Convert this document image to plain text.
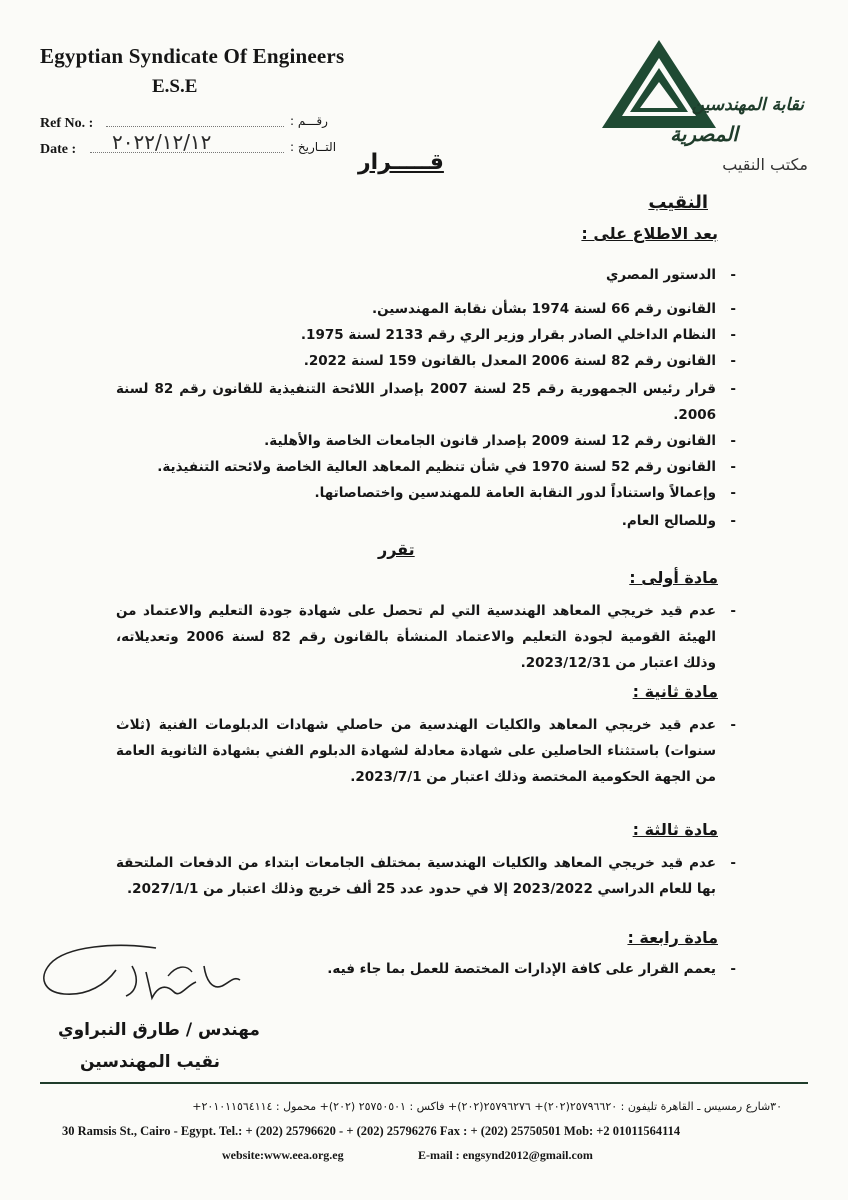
Egyptian Syndicate Of Engineers
E.S.E
Ref No. :	رقـــم :
Date : ٢٠٢٢/١٢/١٢	التــاريخ :
قـــــرار
نقابة المهندسين
المصرية
مكتب النقيب
النقيب
بعد الاطلاع على :
-
الدستور المصري
-
القانون رقم 66 لسنة 1974 بشأن نقابة المهندسين.
-
النظام الداخلي الصادر بقرار وزير الري رقم 2133 لسنة 1975.
-
القانون رقم 82 لسنة 2006 المعدل بالقانون 159 لسنة 2022.
-
قرار رئيس الجمهورية رقم 25 لسنة 2007 بإصدار اللائحة التنفيذية للقانون رقم 82 لسنة 2006.
-
القانون رقم 12 لسنة 2009 بإصدار قانون الجامعات الخاصة والأهلية.
-
القانون رقم 52 لسنة 1970 في شأن تنظيم المعاهد العالية الخاصة ولائحته التنفيذية.
-
وإعمالاً واستناداً لدور النقابة العامة للمهندسين واختصاصاتها.
-
وللصالح العام.
تقرر
مادة أولى :
-
عدم قيد خريجي المعاهد الهندسية التي لم تحصل على شهادة جودة التعليم والاعتماد من الهيئة القومية لجودة التعليم والاعتماد المنشأة بالقانون رقم 82 لسنة 2006 وتعديلاته، وذلك اعتبار من 2023/12/31.
مادة ثانية :
-
عدم قيد خريجي المعاهد والكليات الهندسية من حاصلي شهادات الدبلومات الفنية (ثلاث سنوات) باستثناء الحاصلين على شهادة معادلة لشهادة الدبلوم الفني بشهادة الثانوية العامة من الجهة الحكومية المختصة وذلك اعتبار من 2023/7/1.
مادة ثالثة :
-
عدم قيد خريجي المعاهد والكليات الهندسية بمختلف الجامعات ابتداء من الدفعات الملتحقة بها للعام الدراسي 2023/2022 إلا في حدود عدد 25 ألف خريج وذلك اعتبار من 2027/1/1.
مادة رابعة :
-
يعمم القرار على كافة الإدارات المختصة للعمل بما جاء فيه.
مهندس / طارق النبراوي
نقيب المهندسين
٣٠شارع رمسيس ـ القاهرة تليفون : ٢٥٧٩٦٦٢٠(٢٠٢)+ ٢٥٧٩٦٢٧٦(٢٠٢)+ فاكس : ٢٥٧٥٠٥٠١ (٢٠٢)+ محمول : ٢٠١٠١١٥٦٤١١٤+
30 Ramsis St., Cairo - Egypt. Tel.: + (202) 25796620 - + (202) 25796276 Fax : + (202) 25750501 Mob: +2 01011564114
website:www.eea.org.eg	E-mail : engsynd2012@gmail.com
